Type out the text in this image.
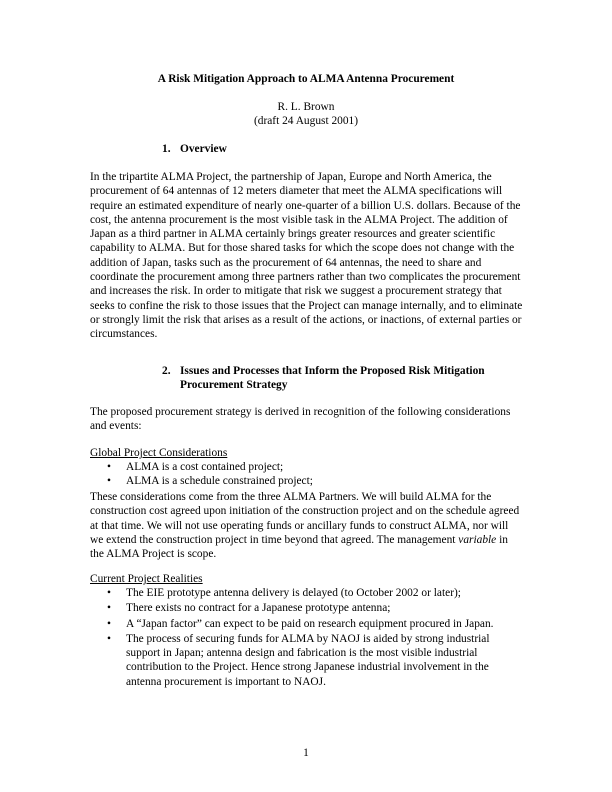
A Risk Mitigation Approach to ALMA Antenna Procurement

R. L. Brown

(draft 24 August 2001)

1. Overview

In the tripartite ALMA Project, the partnership of Japan, Europe and North America, the procurement of 64 antennas of 12 meters diameter that meet the ALMA specifications will require an estimated expenditure of nearly one-quarter of a billion U.S. dollars. Because of the cost, the antenna procurement is the most visible task in the ALMA Project. The addition of Japan as a third partner in ALMA certainly brings greater resources and greater scientific capability to ALMA. But for those shared tasks for which the scope does not change with the addition of Japan, tasks such as the procurement of 64 antennas, the need to share and coordinate the procurement among three partners rather than two complicates the procurement and increases the risk. In order to mitigate that risk we suggest a procurement strategy that seeks to confine the risk to those issues that the Project can manage internally, and to eliminate or strongly limit the risk that arises as a result of the actions, or inactions, of external parties or circumstances.

2. Issues and Processes that Inform the Proposed Risk Mitigation
Procurement Strategy

The proposed procurement strategy is derived in recognition of the following considerations and events:

Global Project Considerations

• ALMA is a cost contained project;
• ALMA is a schedule constrained project;

These considerations come from the three ALMA Partners. We will build ALMA for the construction cost agreed upon initiation of the construction project and on the schedule agreed at that time. We will not use operating funds or ancillary funds to construct ALMA, nor will we extend the construction project in time beyond that agreed. The management variable in the ALMA Project is scope.

Current Project Realities

• The EIE prototype antenna delivery is delayed (to October 2002 or later);
• There exists no contract for a Japanese prototype antenna;
• A “Japan factor” can expect to be paid on research equipment procured in Japan.
• The process of securing funds for ALMA by NAOJ is aided by strong industrial support in Japan; antenna design and fabrication is the most visible industrial contribution to the Project. Hence strong Japanese industrial involvement in the antenna procurement is important to NAOJ.

1
